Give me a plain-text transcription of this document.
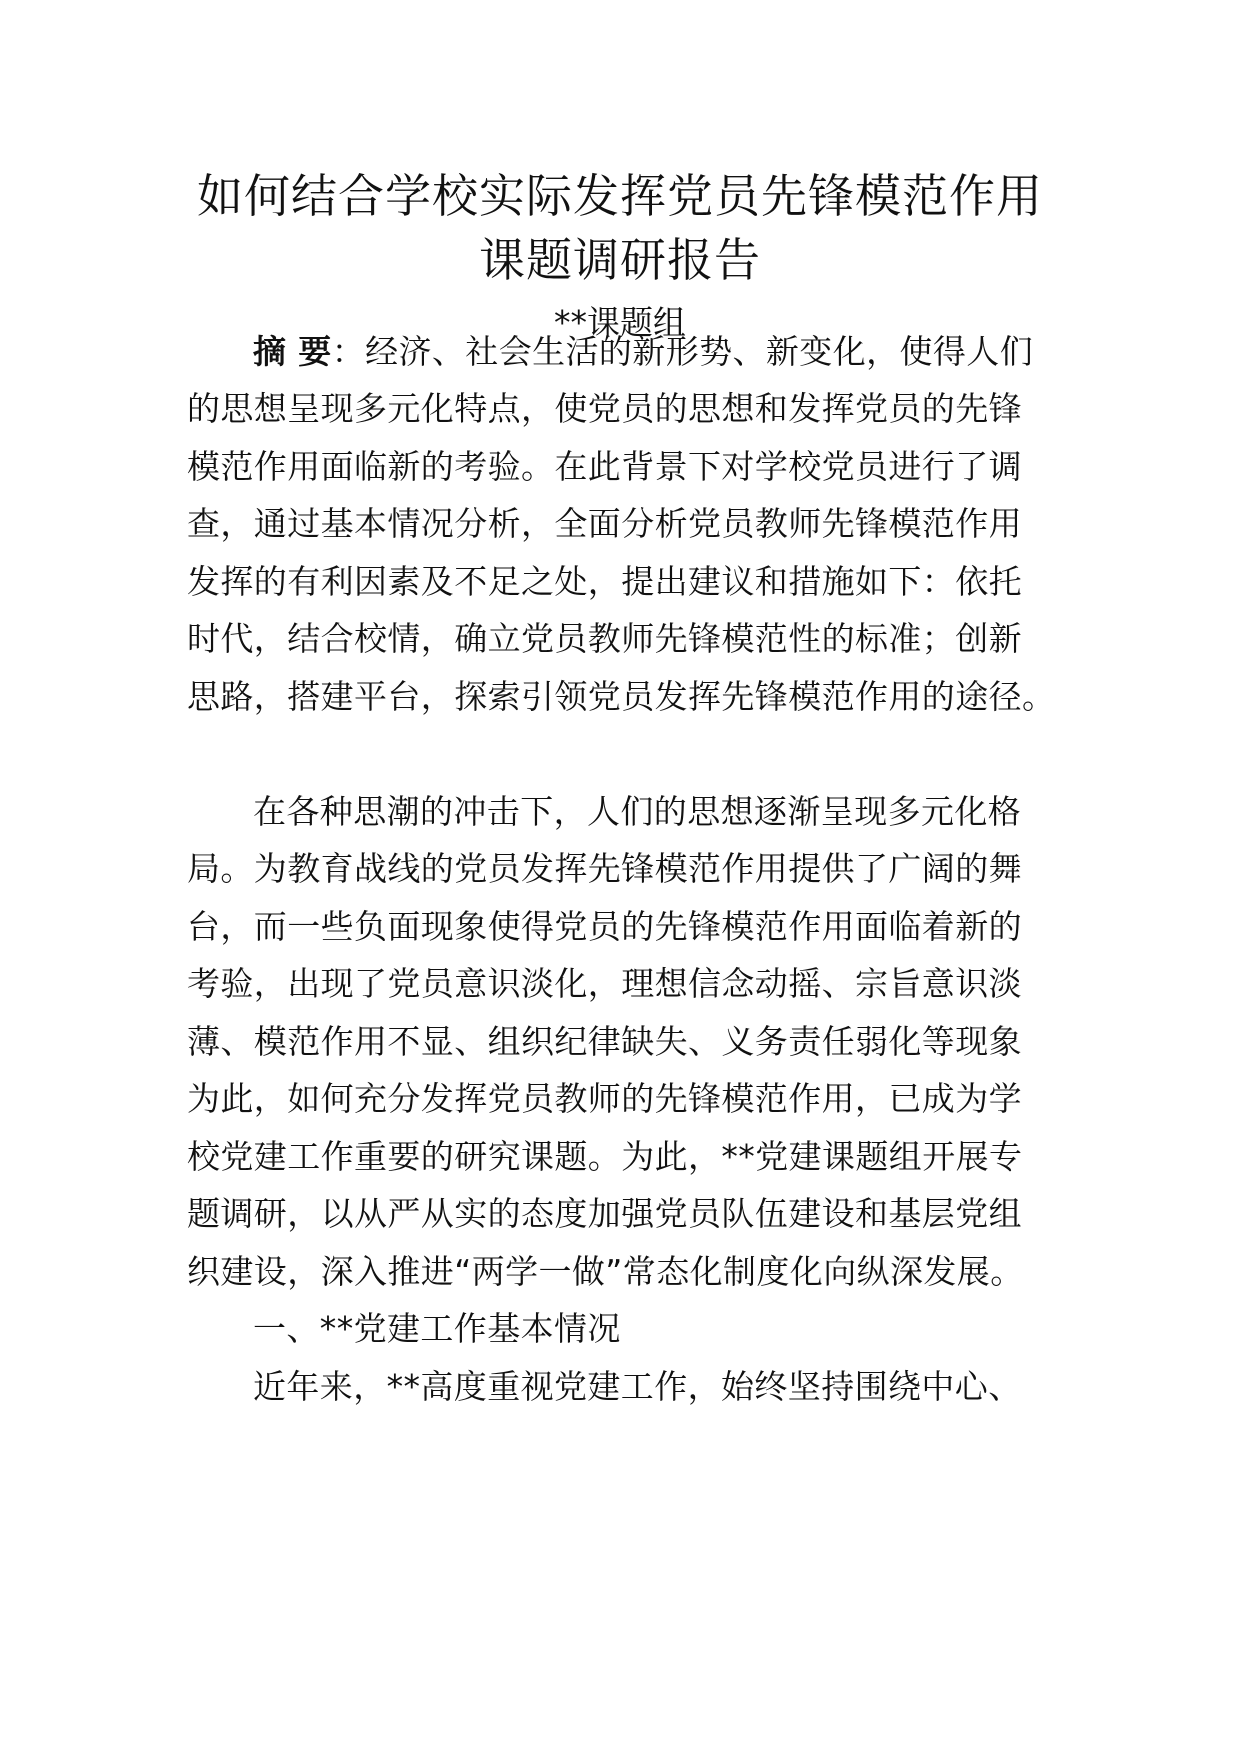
如何结合学校实际发挥党员先锋模范作用
课题调研报告
**课题组
摘 要：经济、社会生活的新形势、新变化，使得人们
的思想呈现多元化特点，使党员的思想和发挥党员的先锋
模范作用面临新的考验。在此背景下对学校党员进行了调
查，通过基本情况分析，全面分析党员教师先锋模范作用
发挥的有利因素及不足之处，提出建议和措施如下：依托
时代，结合校情，确立党员教师先锋模范性的标准；创新
思路，搭建平台，探索引领党员发挥先锋模范作用的途径。
在各种思潮的冲击下，人们的思想逐渐呈现多元化格
局。为教育战线的党员发挥先锋模范作用提供了广阔的舞
台，而一些负面现象使得党员的先锋模范作用面临着新的
考验，出现了党员意识淡化，理想信念动摇、宗旨意识淡
薄、模范作用不显、组织纪律缺失、义务责任弱化等现象
为此，如何充分发挥党员教师的先锋模范作用，已成为学
校党建工作重要的研究课题。为此，**党建课题组开展专
题调研，以从严从实的态度加强党员队伍建设和基层党组
织建设，深入推进“两学一做”常态化制度化向纵深发展。
一、**党建工作基本情况
近年来，**高度重视党建工作，始终坚持围绕中心、
